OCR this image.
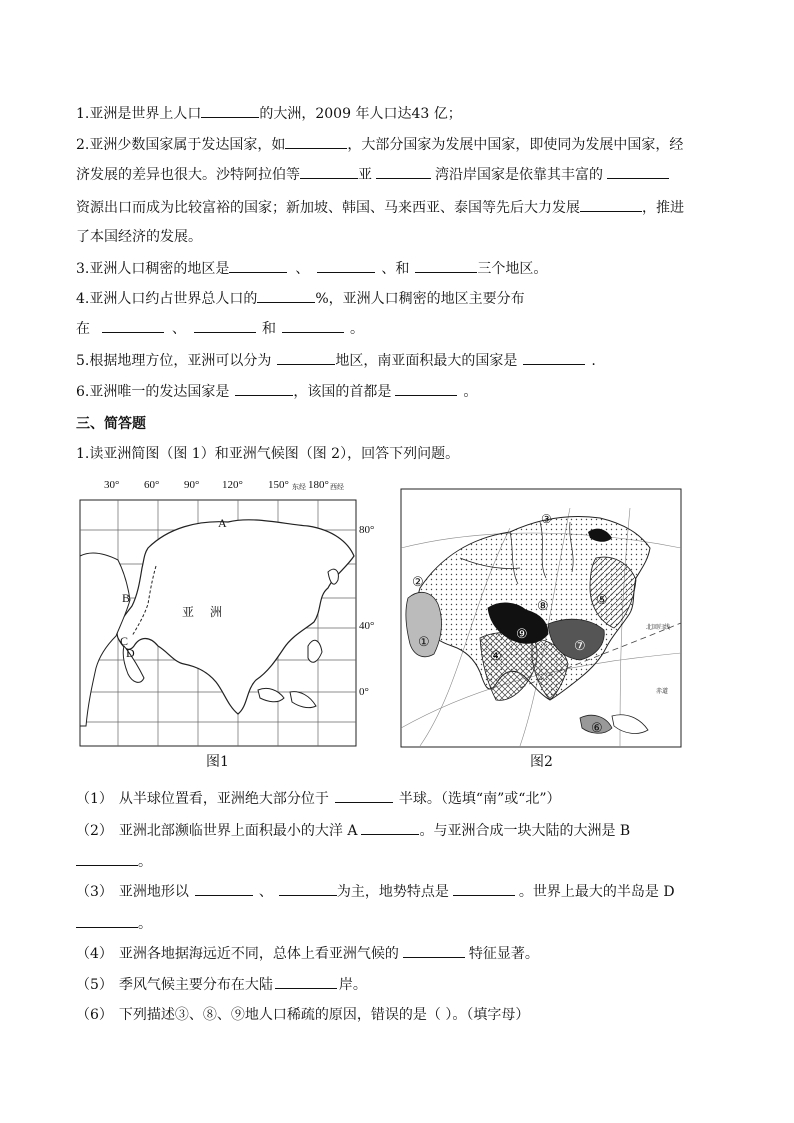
1.亚洲是世界上人口	的大洲，2009 年人口达43 亿；
2.亚洲少数国家属于发达国家，如	，大部分国家为发展中国家，即使同为发展中国家，经
济发展的差异也很大。沙特阿拉伯等	亚	湾沿岸国家是依靠其丰富的
资源出口而成为比较富裕的国家；新加坡、韩国、马来西亚、泰国等先后大力发展	，推进
了本国经济的发展。
3.亚洲人口稠密的地区是	、	、和	三个地区。
4.亚洲人口约占世界总人口的	%，亚洲人口稠密的地区主要分布
在	、	和	。
5.根据地理方位，亚洲可以分为	地区，南亚面积最大的国家是	.
6.亚洲唯一的发达国家是	，该国的首都是	。
三、简答题
1.读亚洲简图（图 1）和亚洲气候图（图 2），回答下列问题。
30° 60° 90° 120° 150° 东经 180° 西经
80°
40°
0°
A
B
C
D
亚 洲
图1
③
②
①
⑤
⑧
⑨
④
⑦
⑥
北回归线
赤道
图2
（1） 从半球位置看，亚洲绝大部分位于	半球。（选填“南”或“北”）
（2） 亚洲北部濒临世界上面积最小的大洋 A	。与亚洲合成一块大陆的大洲是 B
。
（3） 亚洲地形以	、	为主，地势特点是	。世界上最大的半岛是 D
。
（4） 亚洲各地据海远近不同，总体上看亚洲气候的	特征显著。
（5） 季风气候主要分布在大陆	岸。
（6） 下列描述③、⑧、⑨地人口稀疏的原因，错误的是（ ）。（填字母）
